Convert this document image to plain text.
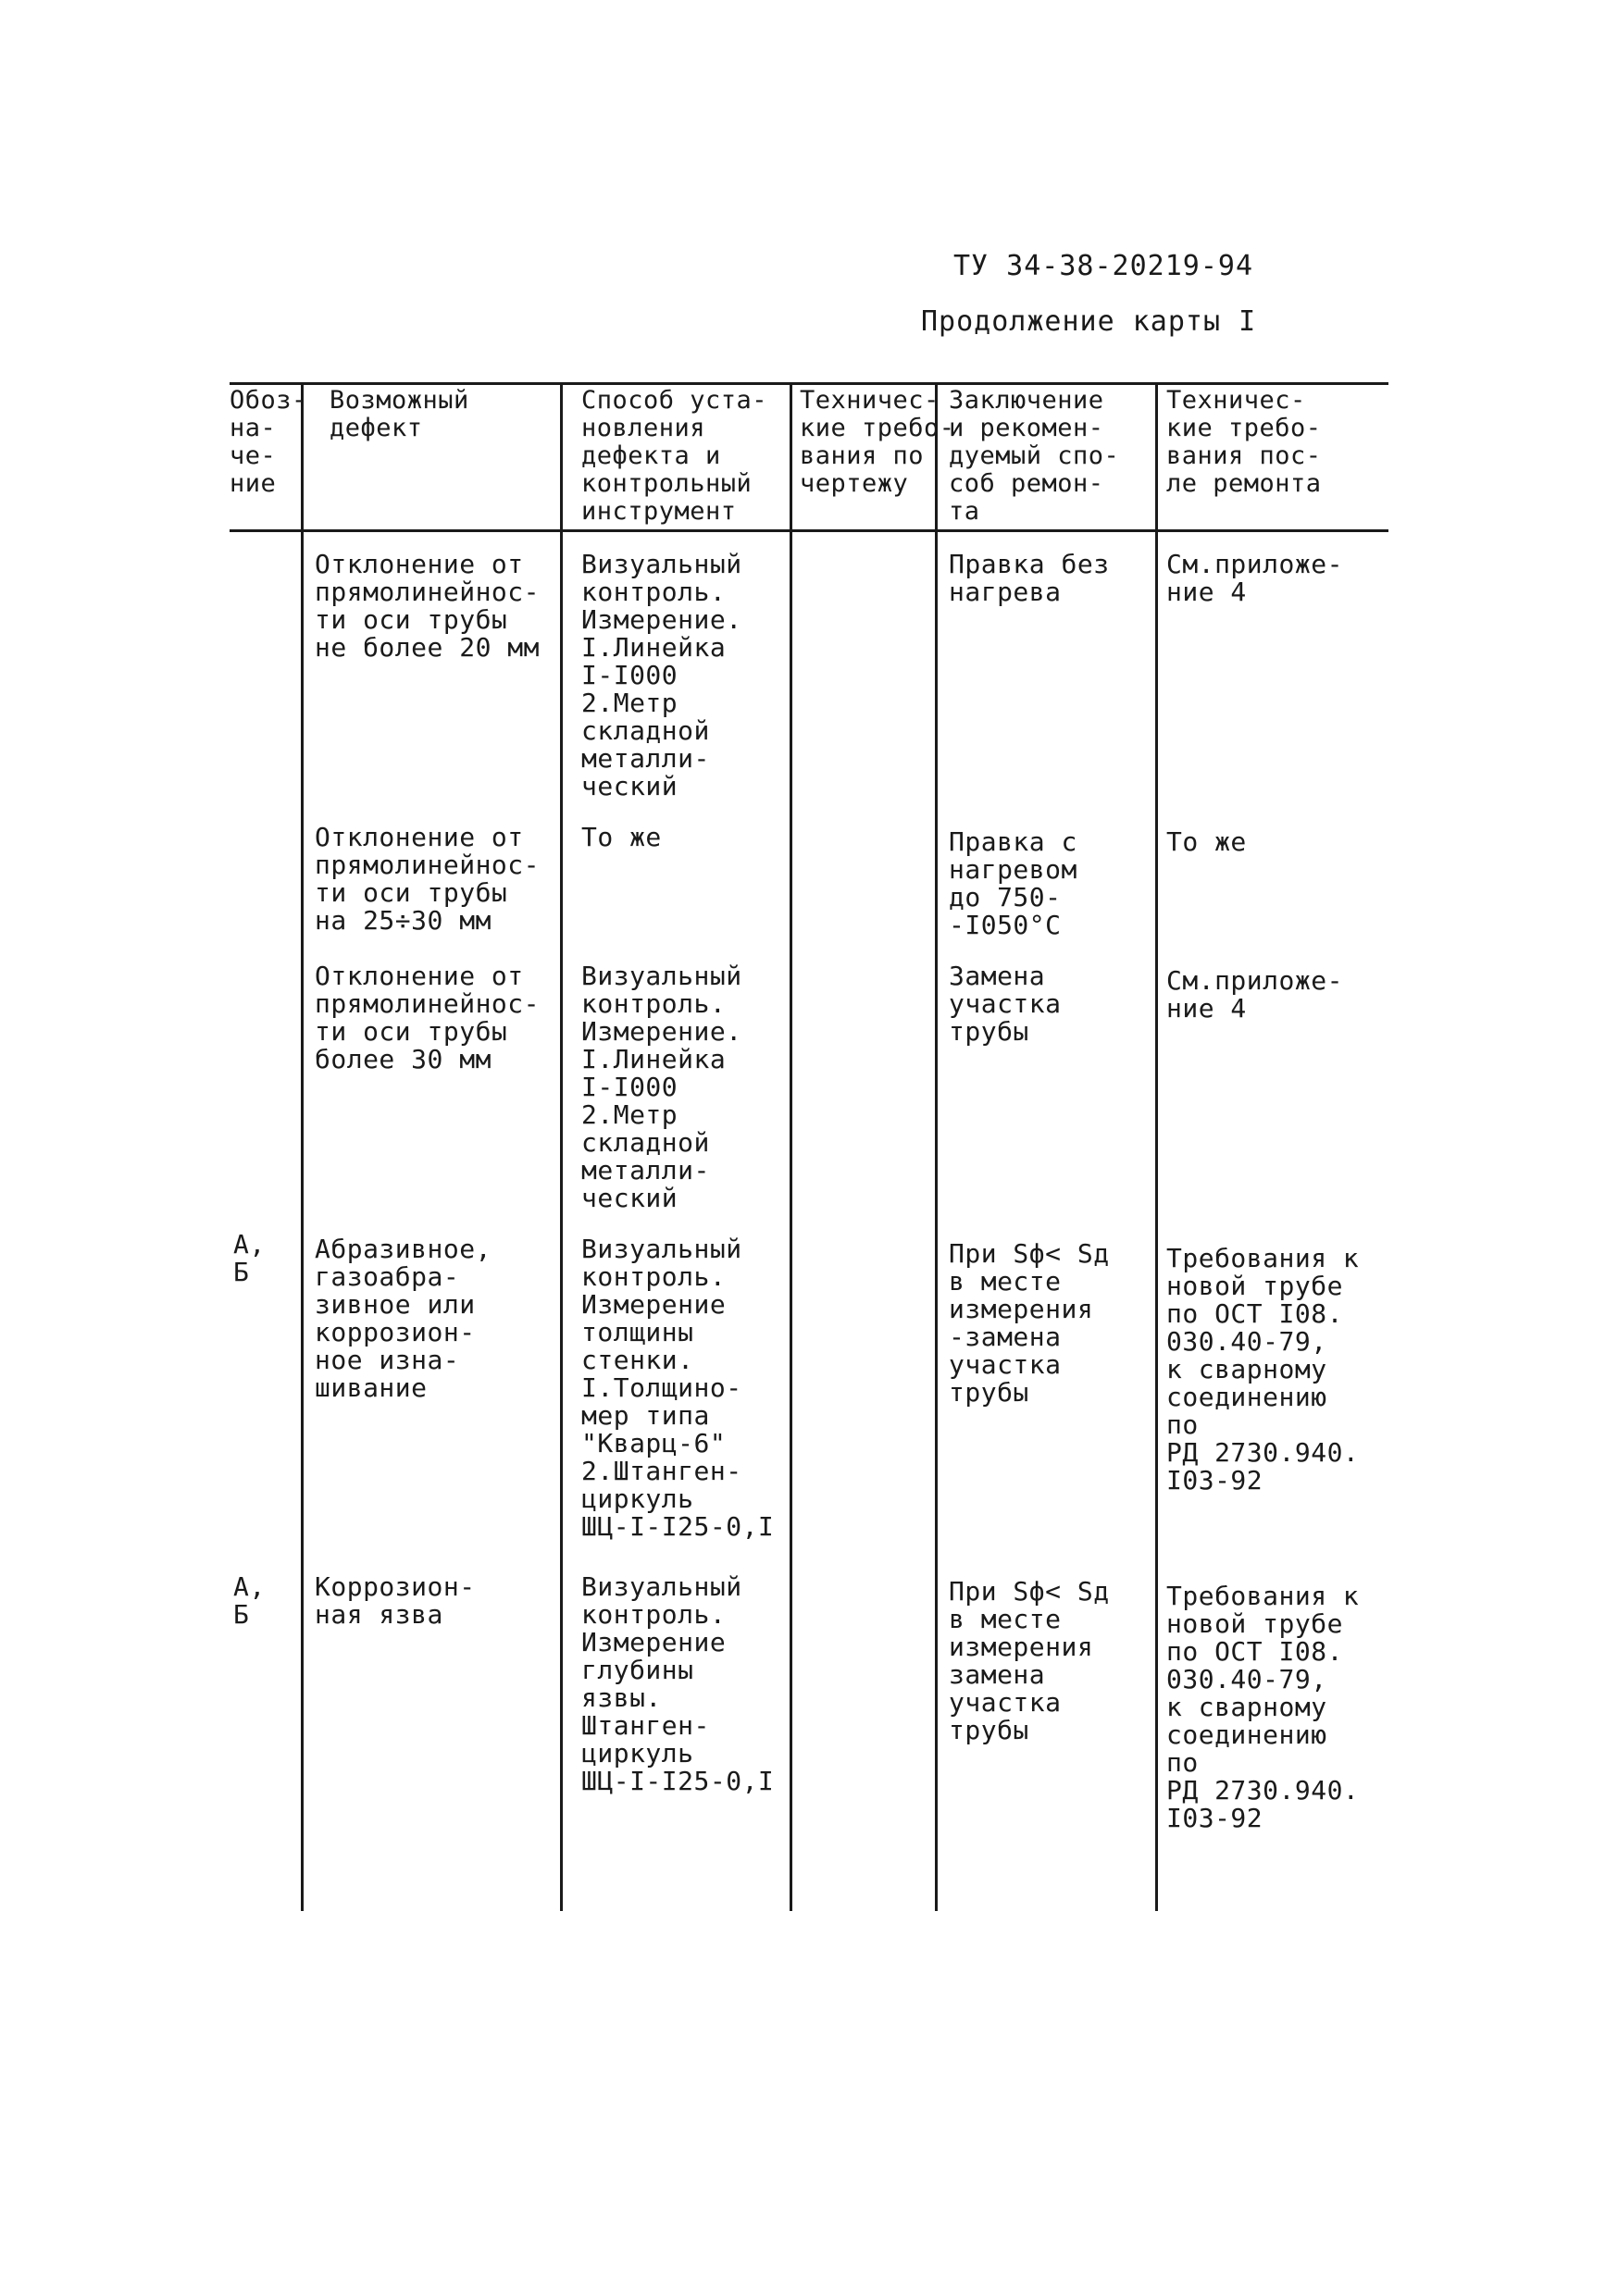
ТУ 34-38-20219-94
Продолжение карты I
Обоз-
на-
че-
ние
Возможный
дефект
Способ уста-
новления
дефекта и
контрольный
инструмент
Техничес-
кие требо-
вания по
чертежу
Заключение
и рекомен-
дуемый спо-
соб ремон-
та
Техничес-
кие требо-
вания пос-
ле ремонта
Отклонение от
прямолинейнос-
ти оси трубы
не более 20 мм
Визуальный
контроль.
Измерение.
I.Линейка
I-I000
2.Метр
складной
металли-
ческий
Правка без
нагрева
См.приложе-
ние 4
Отклонение от
прямолинейнос-
ти оси трубы
на 25÷30 мм
То же	Правка с
нагревом
до 750-
-I050°С
То же
Отклонение от
прямолинейнос-
ти оси трубы
более 30 мм
Визуальный
контроль.
Измерение.
I.Линейка
I-I000
2.Метр
складной
металли-
ческий
Замена
участка
трубы
См.приложе-
ние 4
А,
Б
Абразивное,
газоабра-
зивное или
коррозион-
ное изна-
шивание
Визуальный
контроль.
Измерение
толщины
стенки.
I.Толщино-
мер типа
"Кварц-6"
2.Штанген-
циркуль
ШЦ-I-I25-0,I
При Sф< Sд
в месте
измерения
-замена
участка
трубы
Требования к
новой трубе
по ОСТ I08.
030.40-79,
к сварному
соединению
по
РД 2730.940.
I03-92
А,
Б
Коррозион-
ная язва
Визуальный
контроль.
Измерение
глубины
язвы.
Штанген-
циркуль
ШЦ-I-I25-0,I
При Sф< Sд
в месте
измерения
замена
участка
трубы
Требования к
новой трубе
по ОСТ I08.
030.40-79,
к сварному
соединению
по
РД 2730.940.
I03-92
